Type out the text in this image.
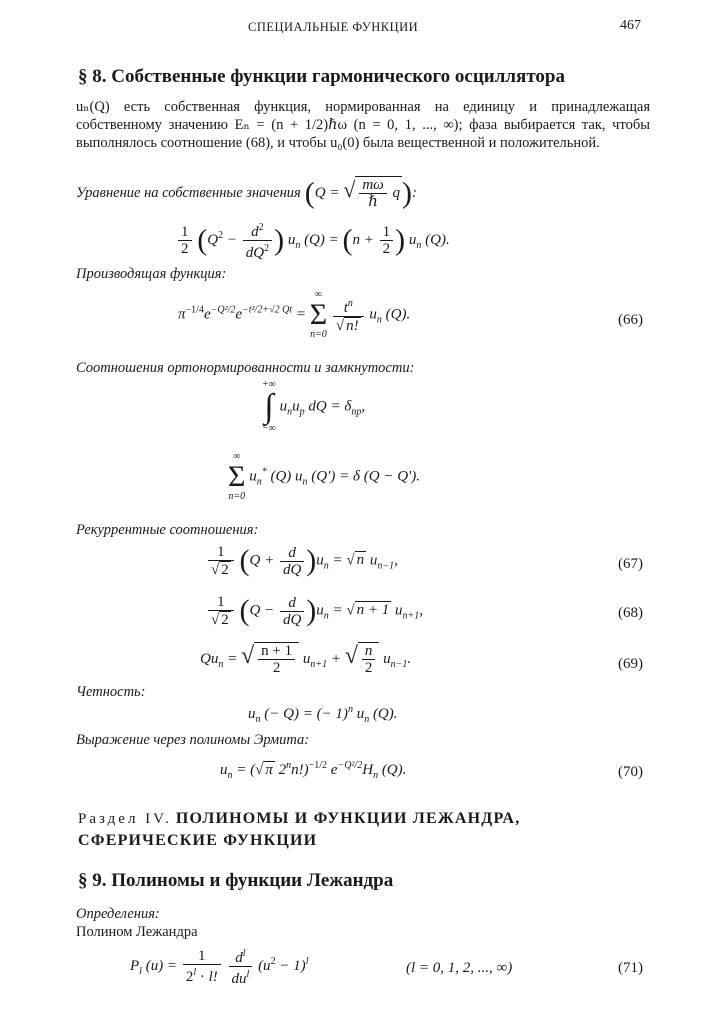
СПЕЦИАЛЬНЫЕ ФУНКЦИИ	467
§ 8. Собственные функции гармонического осциллятора
uₙ(Q) есть собственная функция, нормированная на единицу и принадлежащая собственному значению Eₙ = (n + 1/2)ℏω (n = 0, 1, ..., ∞); фаза выбирается так, чтобы выполнялось соотношение (68), и чтобы u₀(0) была вещественной и положительной.
Уравнение на собственные значения (Q = √ $\frac{m\omega}{\text{ℏ}} q$):
$\frac{1}{2} (Q^2 - \frac{d^2}{dQ^2}$ ) $u_n$ $(Q) = (n + \frac{1}{2}$ ) $u_n$ (Q).
Производящая функция:
$\pi^{-1/4}e^{-Q^2/2}e^{-t^2/2+√2 Qt}$ =
∞
Σ
n=0

$\frac{t^n}{√ n!} u_n$ (Q).	(66)
Соотношения ортонормированности и замкнутости:
+∞
∫
−∞
$u_nu_p$ dQ = $\delta_{np}$,
∞
Σ
n=0
$u_n^*$ (Q) $u_n$ (Q′) = δ (Q − Q′).
Рекуррентные соотношения:
$\frac{1}{√ 2} (Q + \frac{d}{dQ} )u_n$ = √ n $u_{n-1}$,	(67)
$\frac{1}{√ 2} (Q - \frac{d}{dQ} )u_n$ = √ n + 1 $u_{n+1}$,	(68)
$Qu_n$ = √ $\frac{n + 1}{2} u_{n+1}$ + √ $\frac{n}{2} u_{n-1}$.	(69)
Четность:
$u_n$ (− Q) = (− 1)$^n$ $u_n$ (Q).
Выражение через полиномы Эрмита:
$u_n$ = (√ π 2$^n$n!)$^{-1/2}$ $e^{-Q^2/2}H_n$ (Q).	(70)
Раздел IV. ПОЛИНОМЫ И ФУНКЦИИ ЛЕЖАНДРА,
СФЕРИЧЕСКИЕ ФУНКЦИИ
§ 9. Полиномы и функции Лежандра
Определения:
Полином Лежандра
$P_l$ $(u) = \frac{1}{2^l \cdot l!}$
$\frac{d^l}{du^l} (u^2 - 1)^l$	(l = 0, 1, 2, ..., ∞)	(71)
